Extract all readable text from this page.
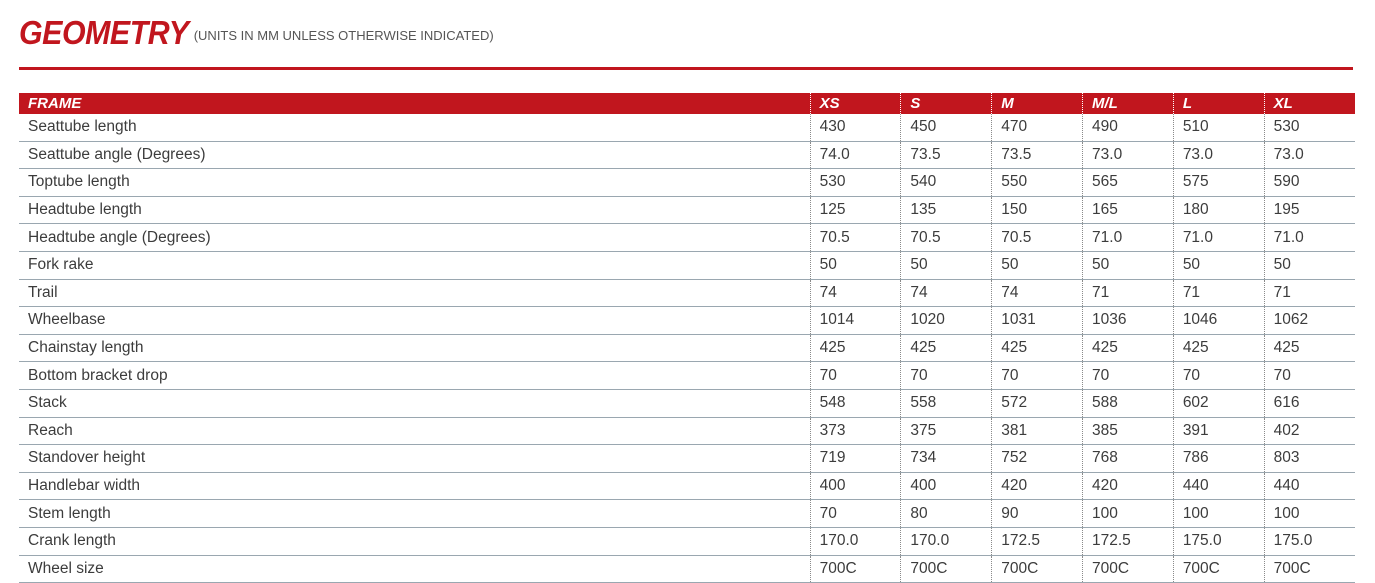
GEOMETRY (UNITS IN MM UNLESS OTHERWISE INDICATED)
FRAME	XS	S	M	M/L	L	XL
Seattube length	430	450	470	490	510	530
Seattube angle (Degrees)	74.0	73.5	73.5	73.0	73.0	73.0
Toptube length	530	540	550	565	575	590
Headtube length	125	135	150	165	180	195
Headtube angle (Degrees)	70.5	70.5	70.5	71.0	71.0	71.0
Fork rake	50	50	50	50	50	50
Trail	74	74	74	71	71	71
Wheelbase	1014	1020	1031	1036	1046	1062
Chainstay length	425	425	425	425	425	425
Bottom bracket drop	70	70	70	70	70	70
Stack	548	558	572	588	602	616
Reach	373	375	381	385	391	402
Standover height	719	734	752	768	786	803
Handlebar width	400	400	420	420	440	440
Stem length	70	80	90	100	100	100
Crank length	170.0	170.0	172.5	172.5	175.0	175.0
Wheel size	700C	700C	700C	700C	700C	700C
